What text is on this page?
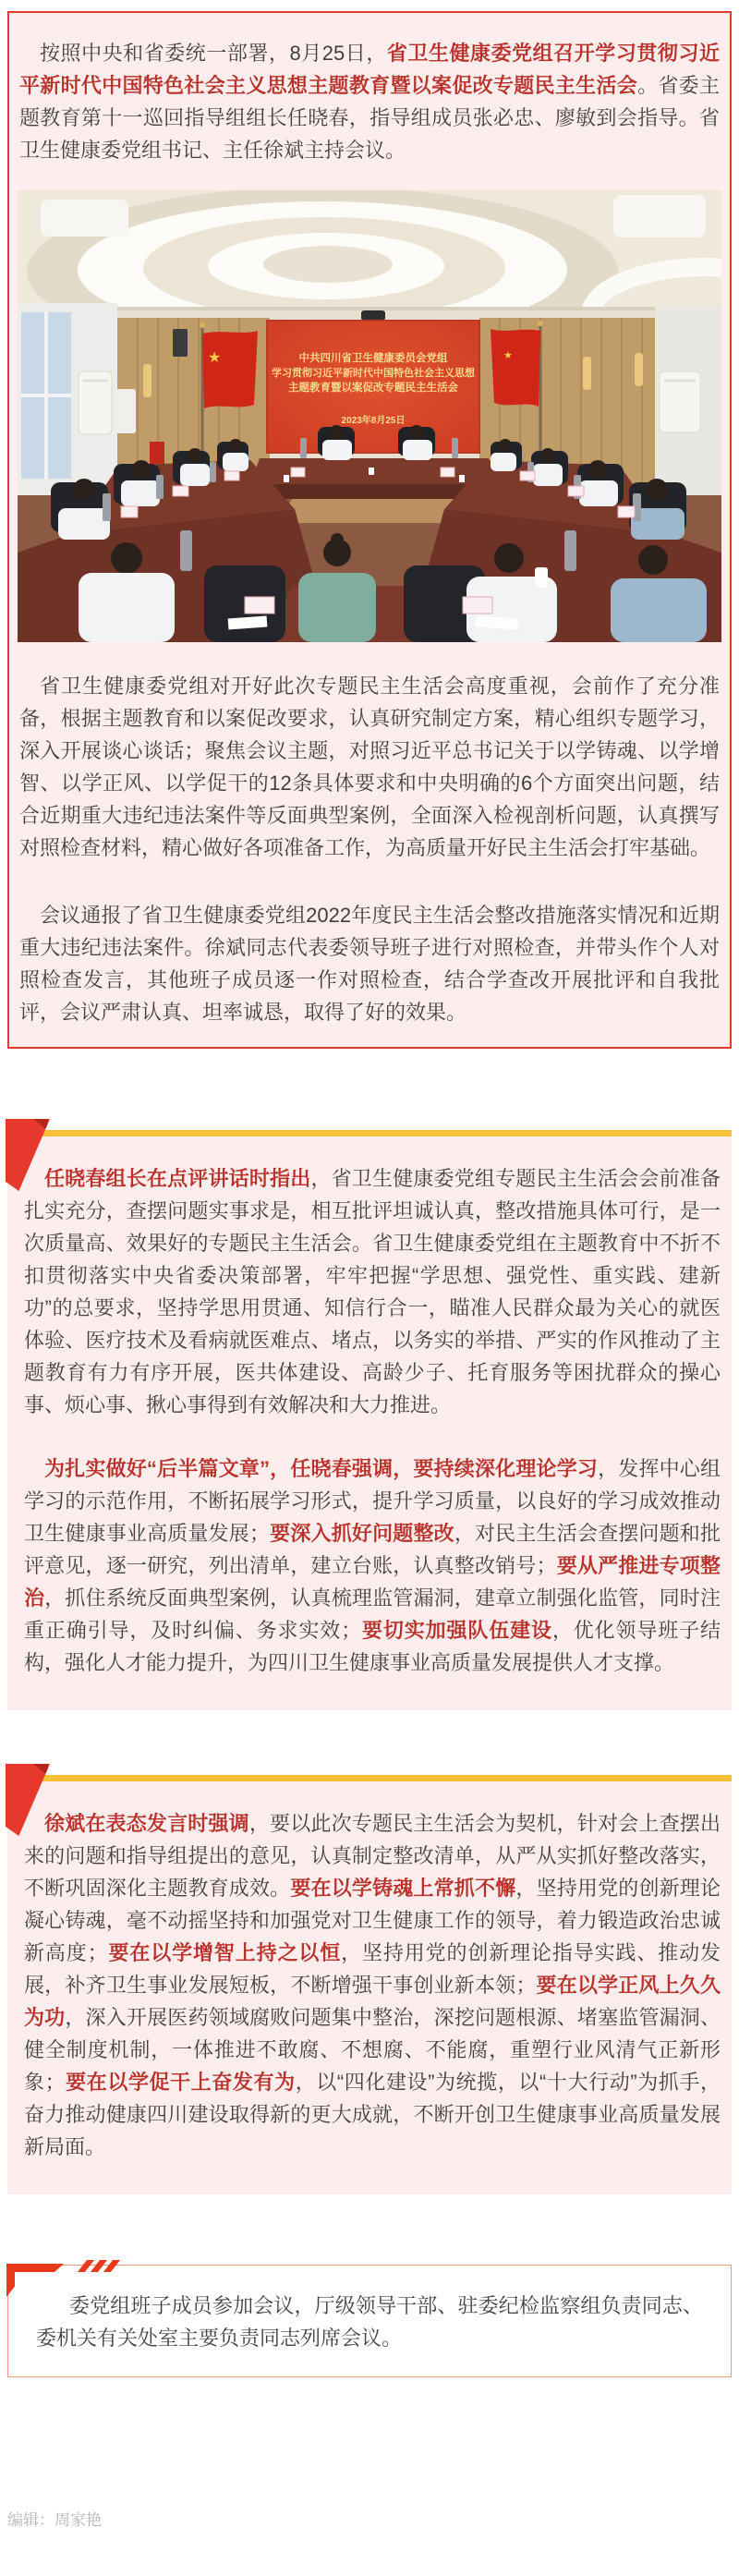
按照中央和省委统一部署，8月25日，省卫生健康委党组召开学习贯彻习近平新时代中国特色社会主义思想主题教育暨以案促改专题民主生活会。省委主题教育第十一巡回指导组组长任晓春，指导组成员张必忠、廖敏到会指导。省卫生健康委党组书记、主任徐斌主持会议。

中共四川省卫生健康委员会党组
学习贯彻习近平新时代中国特色社会主义思想
主题教育暨以案促改专题民主生活会
2023年8月25日
★	★

省卫生健康委党组对开好此次专题民主生活会高度重视，会前作了充分准备，根据主题教育和以案促改要求，认真研究制定方案，精心组织专题学习，深入开展谈心谈话；聚焦会议主题，对照习近平总书记关于以学铸魂、以学增智、以学正风、以学促干的12条具体要求和中央明确的6个方面突出问题，结合近期重大违纪违法案件等反面典型案例，全面深入检视剖析问题，认真撰写对照检查材料，精心做好各项准备工作，为高质量开好民主生活会打牢基础。

会议通报了省卫生健康委党组2022年度民主生活会整改措施落实情况和近期重大违纪违法案件。徐斌同志代表委领导班子进行对照检查，并带头作个人对照检查发言，其他班子成员逐一作对照检查，结合学查改开展批评和自我批评，会议严肃认真、坦率诚恳，取得了好的效果。

任晓春组长在点评讲话时指出，省卫生健康委党组专题民主生活会会前准备扎实充分，查摆问题实事求是，相互批评坦诚认真，整改措施具体可行，是一次质量高、效果好的专题民主生活会。省卫生健康委党组在主题教育中不折不扣贯彻落实中央省委决策部署，牢牢把握“学思想、强党性、重实践、建新功”的总要求，坚持学思用贯通、知信行合一，瞄准人民群众最为关心的就医体验、医疗技术及看病就医难点、堵点，以务实的举措、严实的作风推动了主题教育有力有序开展，医共体建设、高龄少子、托育服务等困扰群众的操心事、烦心事、揪心事得到有效解决和大力推进。

为扎实做好“后半篇文章”，任晓春强调，要持续深化理论学习，发挥中心组学习的示范作用，不断拓展学习形式，提升学习质量，以良好的学习成效推动卫生健康事业高质量发展；要深入抓好问题整改，对民主生活会查摆问题和批评意见，逐一研究，列出清单，建立台账，认真整改销号；要从严推进专项整治，抓住系统反面典型案例，认真梳理监管漏洞，建章立制强化监管，同时注重正确引导，及时纠偏、务求实效；要切实加强队伍建设，优化领导班子结构，强化人才能力提升，为四川卫生健康事业高质量发展提供人才支撑。

徐斌在表态发言时强调，要以此次专题民主生活会为契机，针对会上查摆出来的问题和指导组提出的意见，认真制定整改清单，从严从实抓好整改落实，不断巩固深化主题教育成效。要在以学铸魂上常抓不懈，坚持用党的创新理论凝心铸魂，毫不动摇坚持和加强党对卫生健康工作的领导，着力锻造政治忠诚新高度；要在以学增智上持之以恒，坚持用党的创新理论指导实践、推动发展，补齐卫生事业发展短板，不断增强干事创业新本领；要在以学正风上久久为功，深入开展医药领域腐败问题集中整治，深挖问题根源、堵塞监管漏洞、健全制度机制，一体推进不敢腐、不想腐、不能腐，重塑行业风清气正新形象；要在以学促干上奋发有为，以“四化建设”为统揽，以“十大行动”为抓手，奋力推动健康四川建设取得新的更大成就，不断开创卫生健康事业高质量发展新局面。

委党组班子成员参加会议，厅级领导干部、驻委纪检监察组负责同志、委机关有关处室主要负责同志列席会议。

编辑：周家艳
